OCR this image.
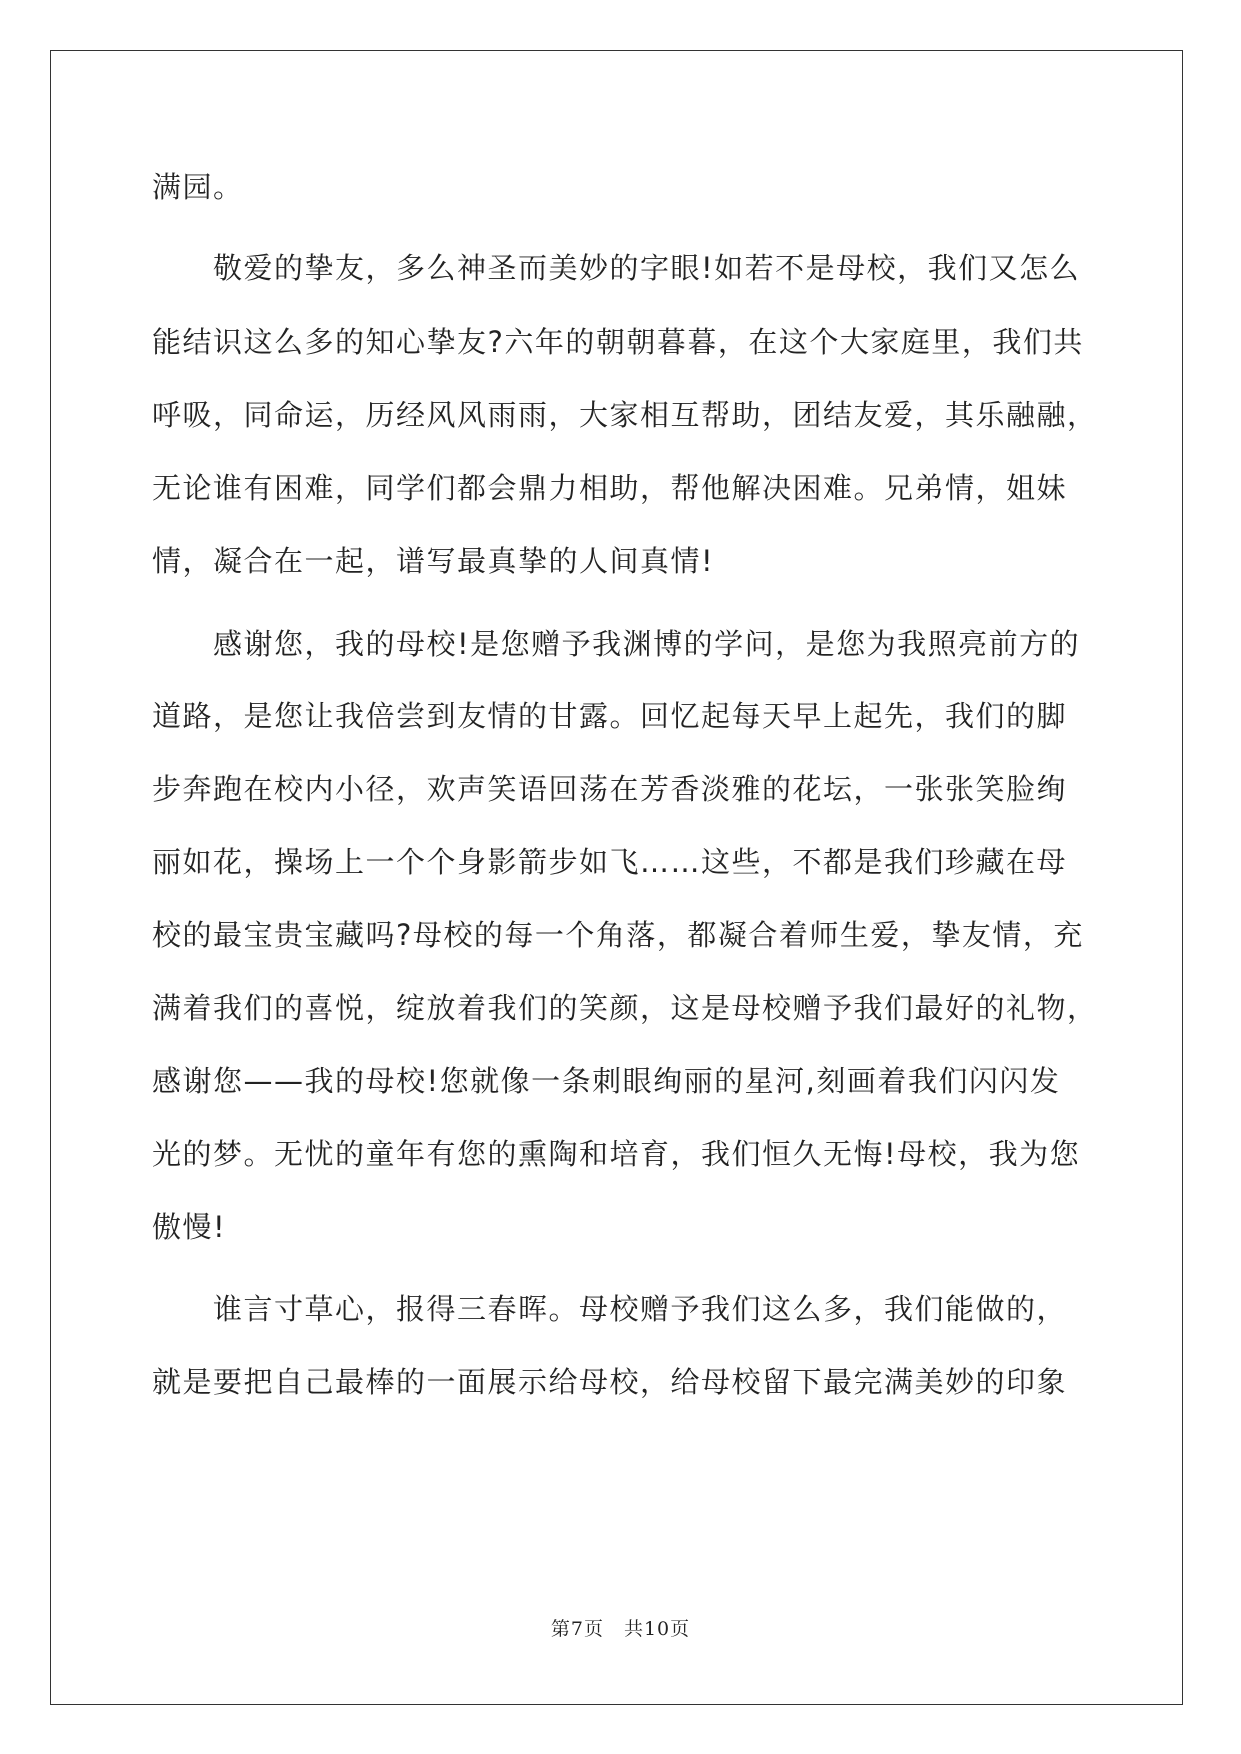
满园。
　　敬爱的挚友，多么神圣而美妙的字眼!如若不是母校，我们又怎么
能结识这么多的知心挚友?六年的朝朝暮暮，在这个大家庭里，我们共
呼吸，同命运，历经风风雨雨，大家相互帮助，团结友爱，其乐融融，
无论谁有困难，同学们都会鼎力相助，帮他解决困难。兄弟情，姐妹
情，凝合在一起，谱写最真挚的人间真情!
　　感谢您，我的母校!是您赠予我渊博的学问，是您为我照亮前方的
道路，是您让我倍尝到友情的甘露。回忆起每天早上起先，我们的脚
步奔跑在校内小径，欢声笑语回荡在芳香淡雅的花坛，一张张笑脸绚
丽如花，操场上一个个身影箭步如飞……这些，不都是我们珍藏在母
校的最宝贵宝藏吗?母校的每一个角落，都凝合着师生爱，挚友情，充
满着我们的喜悦，绽放着我们的笑颜，这是母校赠予我们最好的礼物，
感谢您——我的母校!您就像一条刺眼绚丽的星河,刻画着我们闪闪发
光的梦。无忧的童年有您的熏陶和培育，我们恒久无悔!母校，我为您
傲慢!
　　谁言寸草心，报得三春晖。母校赠予我们这么多，我们能做的，
就是要把自己最棒的一面展示给母校，给母校留下最完满美妙的印象
第7页　共10页
